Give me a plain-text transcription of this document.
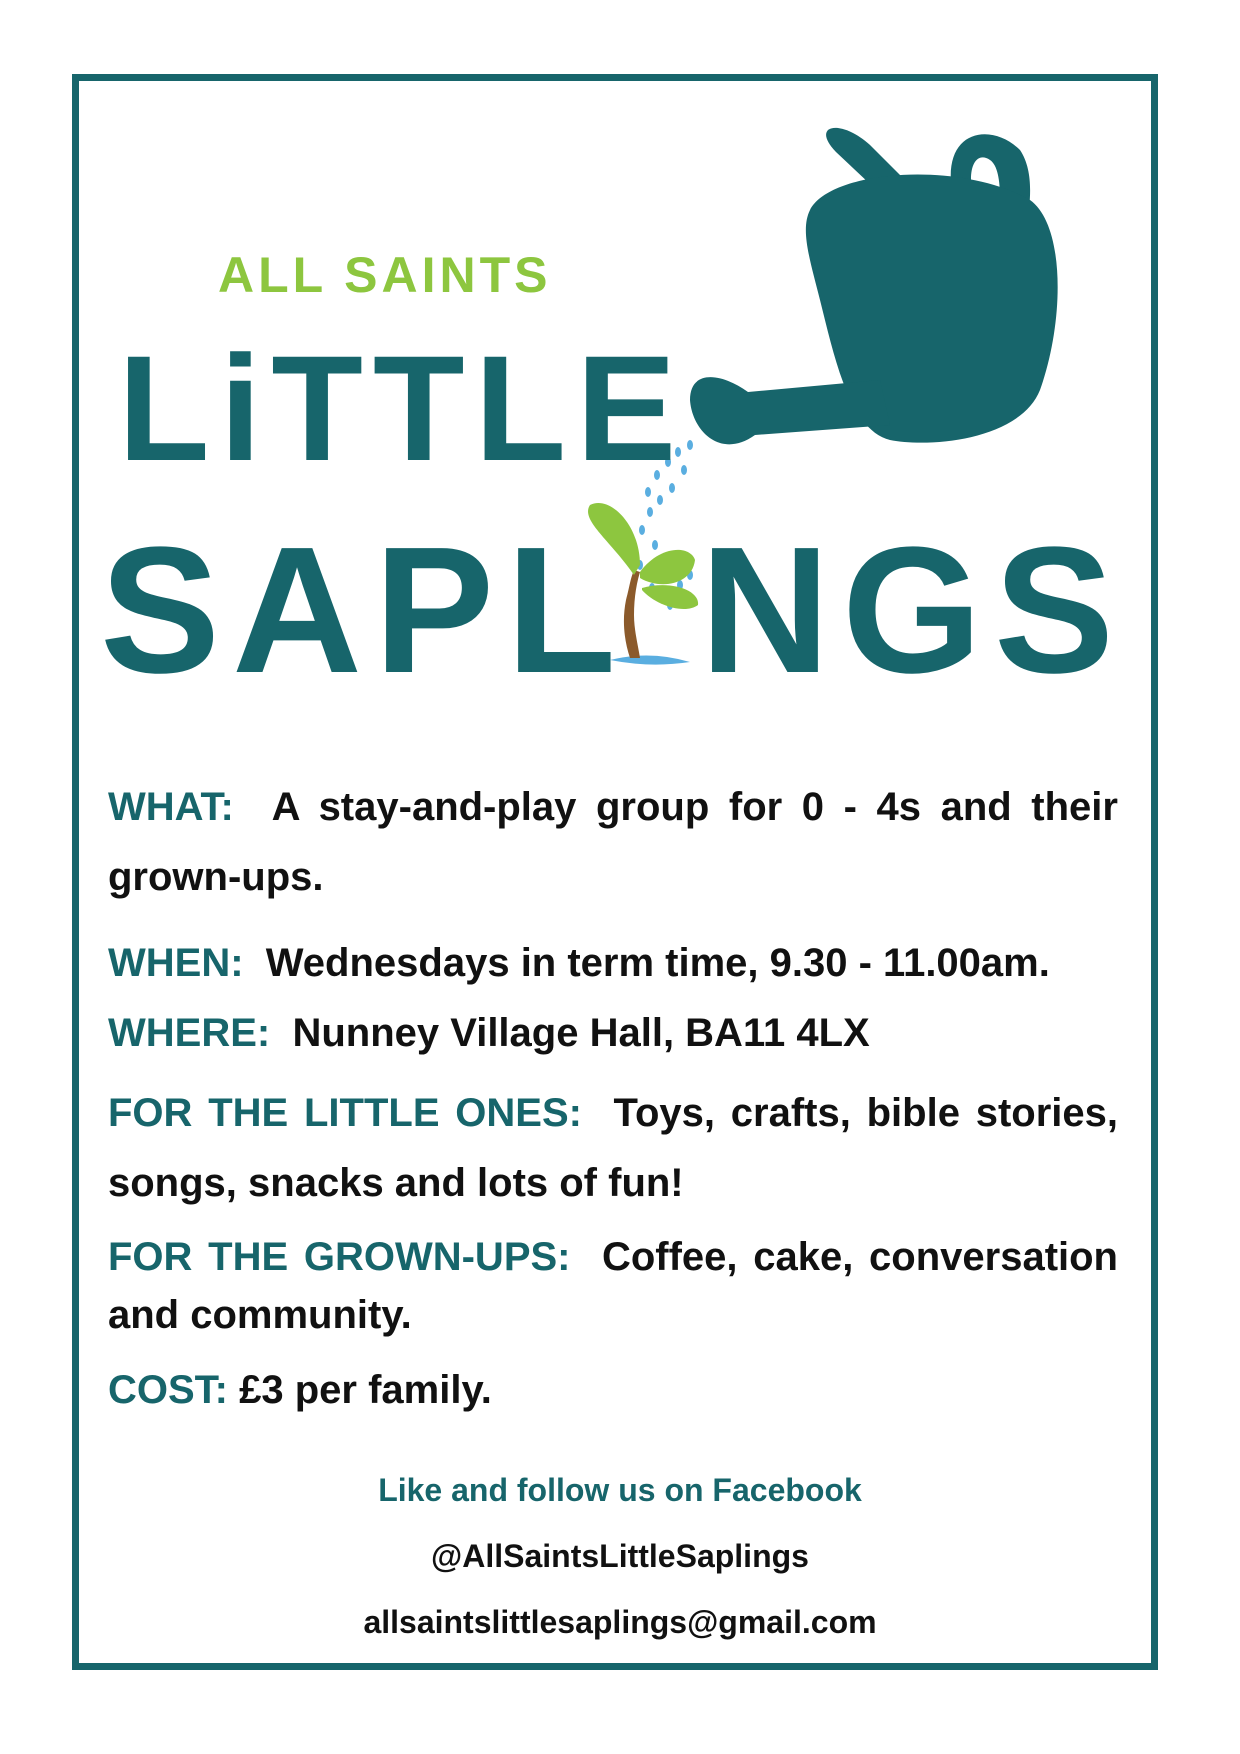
ALL SAINTS
LiTTLE
SAPL NGS
WHAT: A stay-and-play group for 0 - 4s and their grown-ups.
WHEN: Wednesdays in term time, 9.30 - 11.00am.
WHERE: Nunney Village Hall, BA11 4LX
FOR THE LITTLE ONES: Toys, crafts, bible stories, songs, snacks and lots of fun!
FOR THE GROWN-UPS: Coffee, cake, conversation and community.
COST: £3 per family.
Like and follow us on Facebook
@AllSaintsLittleSaplings
allsaintslittlesaplings@gmail.com
